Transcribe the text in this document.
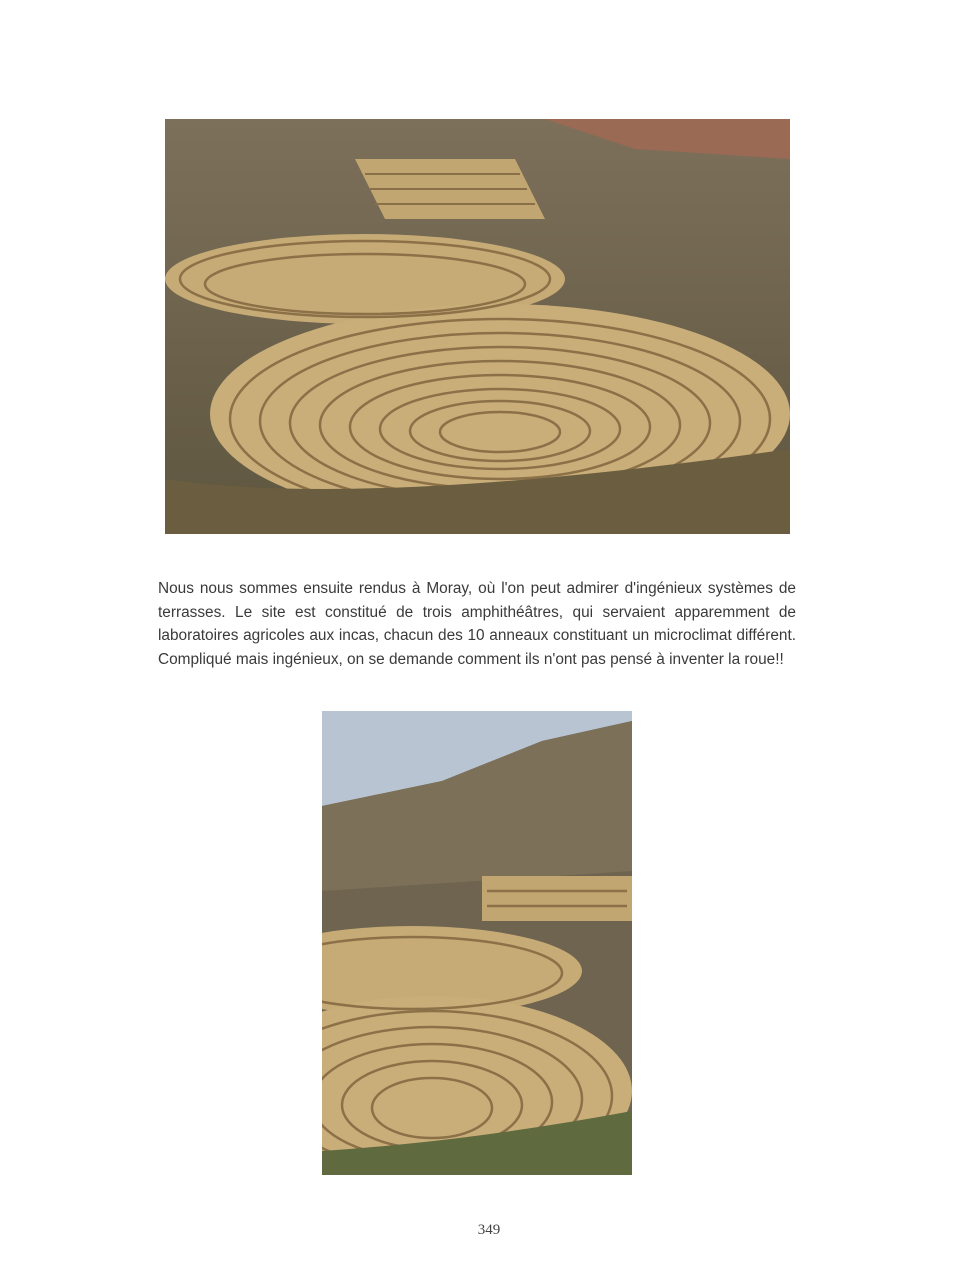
Nous nous sommes ensuite rendus à Moray, où l'on peut admirer d'ingénieux systèmes de terrasses. Le site est constitué de trois amphithéâtres, qui servaient apparemment de laboratoires agricoles aux incas, chacun des 10 anneaux constituant un microclimat différent. Compliqué mais ingénieux, on se demande comment ils n'ont pas pensé à inventer la roue!!

349
